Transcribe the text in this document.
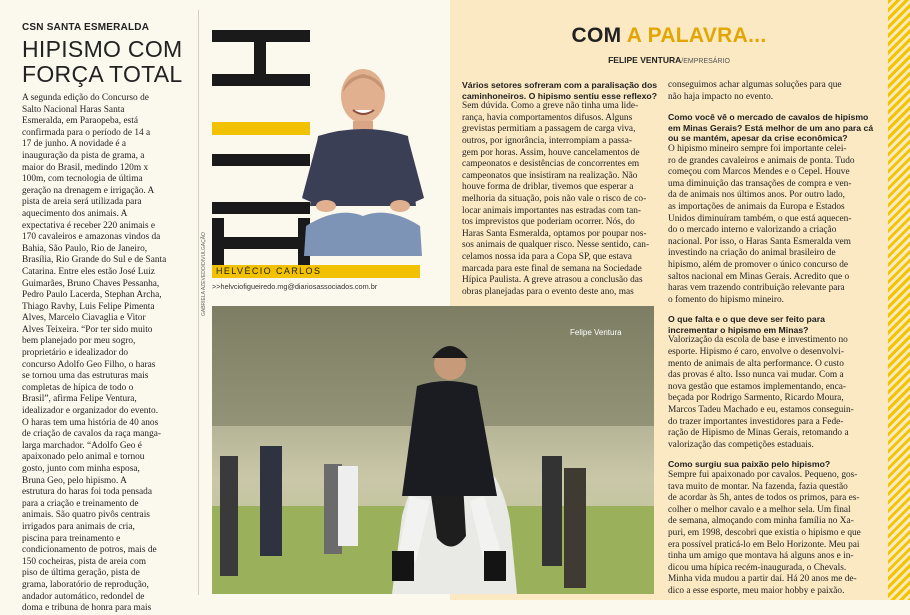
CSN SANTA ESMERALDA
HIPISMO COM
FORÇA TOTAL

A segunda edição do Concurso de
Salto Nacional Haras Santa
Esmeralda, em Paraopeba, está
confirmada para o período de 14 a
17 de junho. A novidade é a
inauguração da pista de grama, a
maior do Brasil, medindo 120m x
100m, com tecnologia de última
geração na drenagem e irrigação. A
pista de areia será utilizada para
aquecimento dos animais. A
expectativa é receber 220 animais e
170 cavaleiros e amazonas vindos da
Bahia, São Paulo, Rio de Janeiro,
Brasília, Rio Grande do Sul e de Santa
Catarina. Entre eles estão José Luiz
Guimarães, Bruno Chaves Pessanha,
Pedro Paulo Lacerda, Stephan Archa,
Thiago Ravhy, Luis Felipe Pimenta
Alves, Marcelo Ciavaglia e Vitor
Alves Teixeira. “Por ter sido muito
bem planejado por meu sogro,
proprietário e idealizador do
concurso Adolfo Geo Filho, o haras
se tornou uma das estruturas mais
completas de hípica de todo o
Brasil”, afirma Felipe Ventura,
idealizador e organizador do evento.
O haras tem uma história de 40 anos
de criação de cavalos da raça manga-
larga marchador. “Adolfo Geo é
apaixonado pelo animal e tornou
gosto, junto com minha esposa,
Bruna Geo, pelo hipismo. A
estrutura do haras foi toda pensada
para a criação e treinamento de
animais. São quatro pivôs centrais
irrigados para animais de cria,
piscina para treinamento e
condicionamento de potros, mais de
150 cocheiras, pista de areia com
piso de última geração, pista de
grama, laboratório de reprodução,
andador automático, redondel de
doma e tribuna de honra para mais

HELVÉCIO CARLOS
>>helvciofigueiredo.mg@diariosassociados.com.br
COM A PALAVRA...
FELIPE VENTURA/EMPRESÁRIO

Vários setores sofreram com a paralisação dos caminhoneiros. O hipismo sentiu esse reflexo?

Sem dúvida. Como a greve não tinha uma lide-
rança, havia comportamentos difusos. Alguns
grevistas permitiam a passagem de carga viva,
outros, por ignorância, interrompiam a passa-
gem por horas. Assim, houve cancelamentos de
campeonatos e desistências de concorrentes em
campeonatos que insistiram na realização. Não
houve forma de driblar, tivemos que esperar a
melhoria da situação, pois não vale o risco de co-
locar animais importantes nas estradas com tan-
tos imprevistos que poderiam ocorrer. Nós, do
Haras Santa Esmeralda, optamos por poupar nos-
sos animais de qualquer risco. Nesse sentido, can-
celamos nossa ida para a Copa SP, que estava
marcada para este final de semana na Sociedade
Hípica Paulista. A greve atrasou a conclusão das
obras planejadas para o evento deste ano, mas

conseguimos achar algumas soluções para que
não haja impacto no evento.

Como você vê o mercado de cavalos de hipismo em Minas Gerais? Está melhor de um ano para cá ou se mantém, apesar da crise econômica?

O hipismo mineiro sempre foi importante celei-
ro de grandes cavaleiros e animais de ponta. Tudo
começou com Marcos Mendes e o Cepel. Houve
uma diminuição das transações de compra e ven-
da de animais nos últimos anos. Por outro lado,
as importações de animais da Europa e Estados
Unidos diminuíram também, o que está aquecen-
do o mercado interno e valorizando a criação
nacional. Por isso, o Haras Santa Esmeralda vem
investindo na criação do animal brasileiro de
hipismo, além de promover o único concurso de
saltos nacional em Minas Gerais. Acredito que o
haras vem trazendo contribuição relevante para
o fomento do hipismo mineiro.

O que falta e o que deve ser feito para incrementar o hipismo em Minas?

Valorização da escola de base e investimento no
esporte. Hipismo é caro, envolve o desenvolvi-
mento de animais de alta performance. O custo
das provas é alto. Isso nunca vai mudar. Com a
nova gestão que estamos implementando, enca-
beçada por Rodrigo Sarmento, Ricardo Moura,
Marcos Tadeu Machado e eu, estamos conseguin-
do trazer importantes investidores para a Fede-
ração de Hipismo de Minas Gerais, retomando a
valorização das competições estaduais.

Como surgiu sua paixão pelo hipismo?

Sempre fui apaixonado por cavalos. Pequeno, gos-
tava muito de montar. Na fazenda, fazia questão
de acordar às 5h, antes de todos os primos, para es-
colher o melhor cavalo e a melhor sela. Um final
de semana, almoçando com minha família no Xa-
puri, em 1998, descobri que existia o hipismo e que
era possível praticá-lo em Belo Horizonte. Meu pai
tinha um amigo que montava há alguns anos e in-
dicou uma hípica recém-inaugurada, o Chevals.
Minha vida mudou a partir daí. Há 20 anos me de-
dico a esse esporte, meu maior hobby e paixão.

GABRIELA AZEVEDO/DIVULGAÇÃO
Felipe Ventura
